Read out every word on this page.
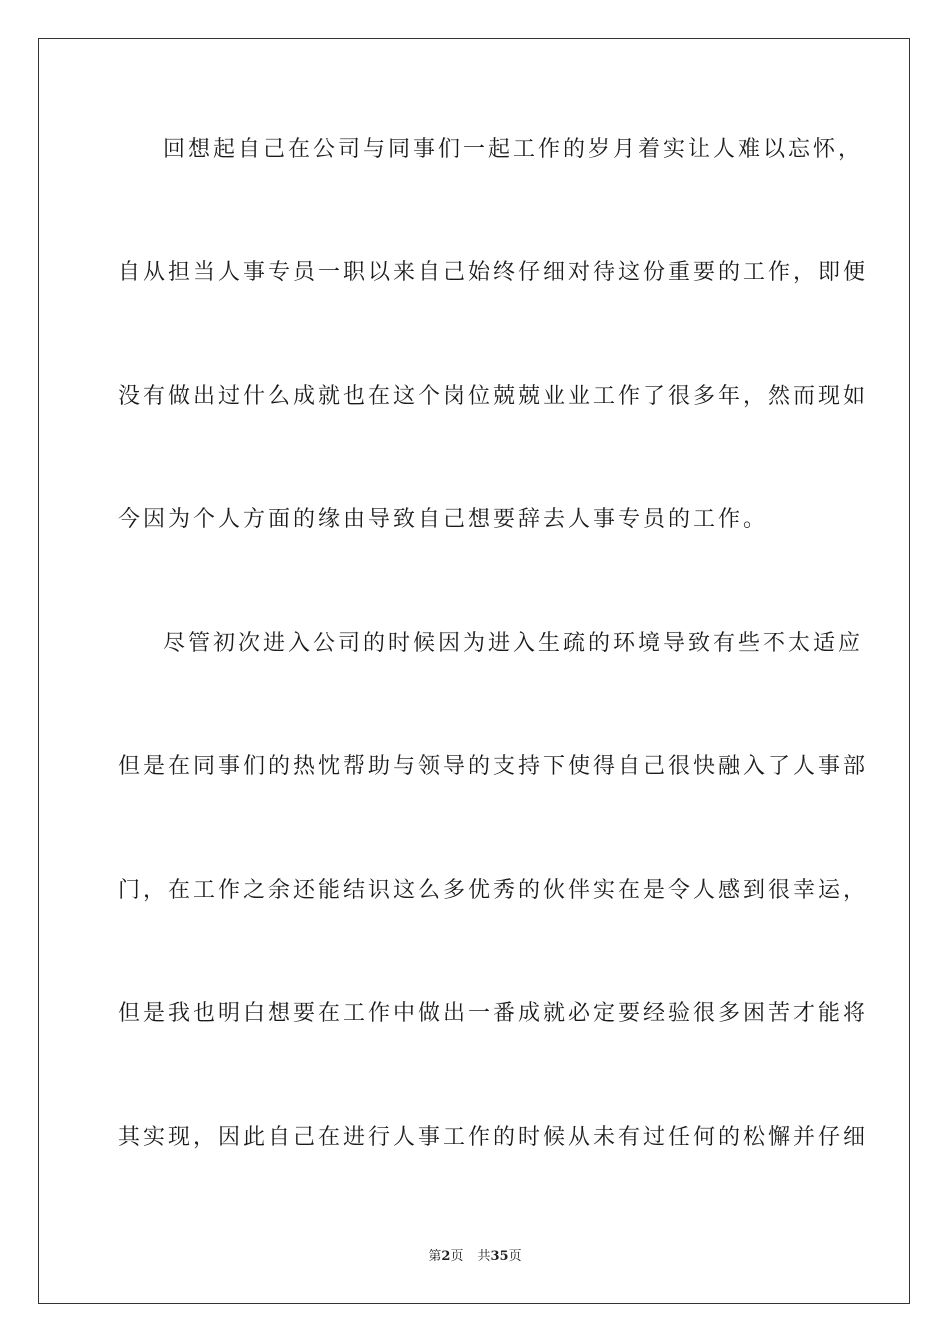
回想起自己在公司与同事们一起工作的岁月着实让人难以忘怀，
自从担当人事专员一职以来自己始终仔细对待这份重要的工作，即便
没有做出过什么成就也在这个岗位兢兢业业工作了很多年，然而现如
今因为个人方面的缘由导致自己想要辞去人事专员的工作。
尽管初次进入公司的时候因为进入生疏的环境导致有些不太适应
但是在同事们的热忱帮助与领导的支持下使得自己很快融入了人事部
门，在工作之余还能结识这么多优秀的伙伴实在是令人感到很幸运，
但是我也明白想要在工作中做出一番成就必定要经验很多困苦才能将
其实现，因此自己在进行人事工作的时候从未有过任何的松懈并仔细
第2页 共35页
